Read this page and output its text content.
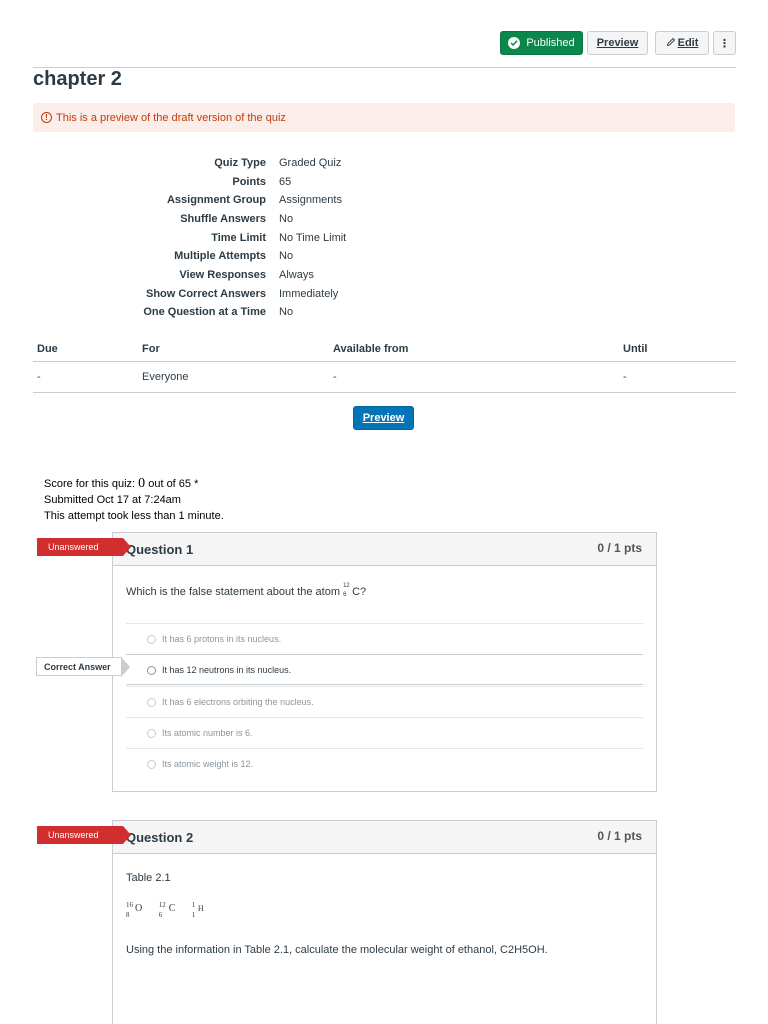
Published	Preview	Edit ⋮
chapter 2
! This is a preview of the draft version of the quiz
Quiz Type Graded Quiz
Points 65
Assignment Group Assignments
Shuffle Answers No
Time Limit No Time Limit
Multiple Attempts No
View Responses Always
Show Correct Answers Immediately
One Question at a Time No
Due	For	Available from	Until
-	Everyone	-	-
Preview
Score for this quiz: 0 out of 65 *
Submitted Oct 17 at 7:24am
This attempt took less than 1 minute.
Question 1	0 / 1 pts
Unanswered
Which is the false statement about the atom 12
6 C?
It has 6 protons in its nucleus.
It has 12 neutrons in its nucleus.
It has 6 electrons orbiting the nucleus.
Its atomic number is 6.
Its atomic weight is 12.
Correct Answer
Question 2	0 / 1 pts
Unanswered
Table 2.1
16
8
O 12
6
C 1
1
H
Using the information in Table 2.1, calculate the molecular weight of ethanol, C2H5OH.
